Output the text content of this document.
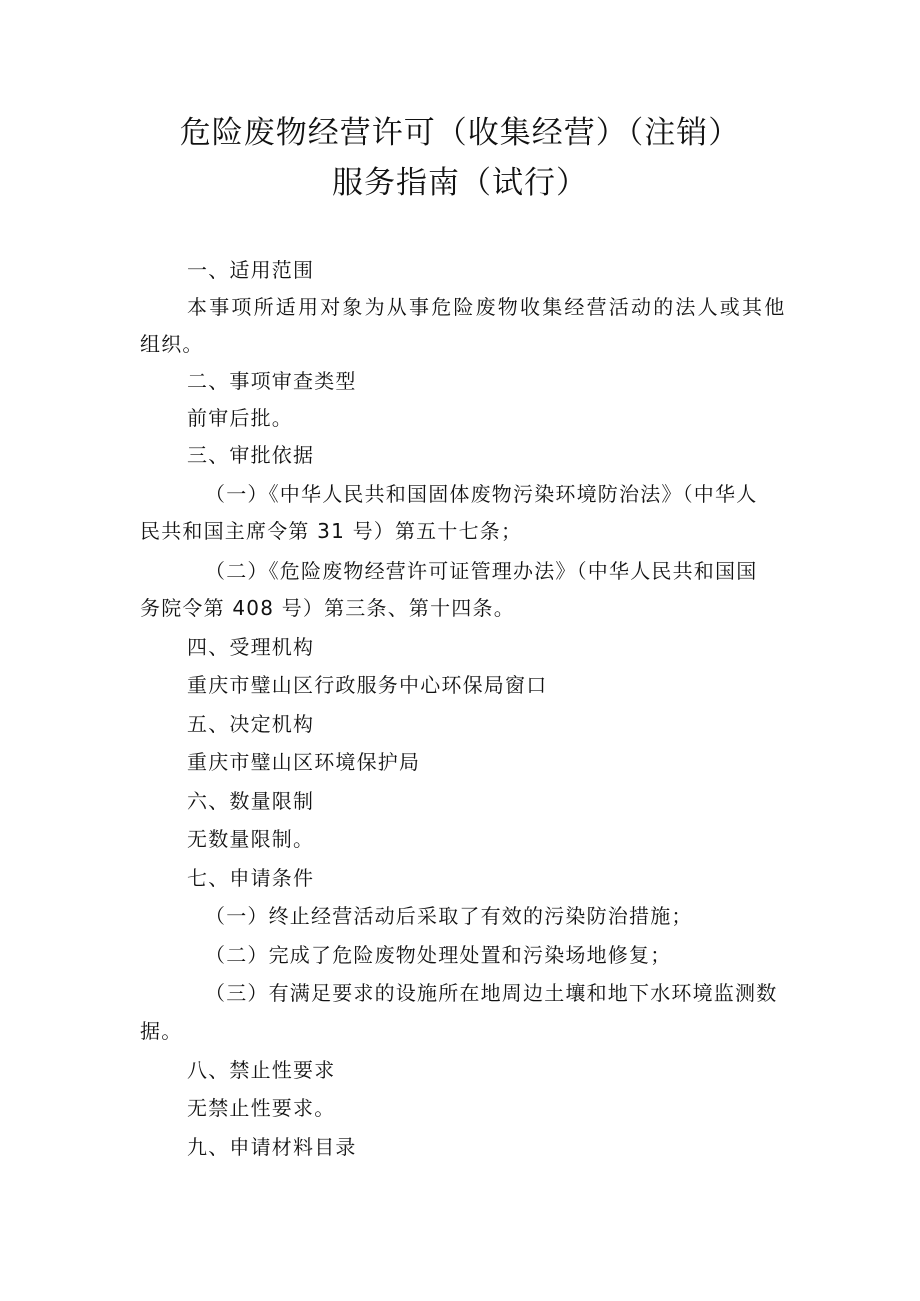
危险废物经营许可（收集经营）（注销）
服务指南（试行）
一、适用范围
本事项所适用对象为从事危险废物收集经营活动的法人或其他
组织。
二、事项审查类型
前审后批。
三、审批依据
（一）《中华人民共和国固体废物污染环境防治法》（中华人
民共和国主席令第 31 号）第五十七条；
（二）《危险废物经营许可证管理办法》（中华人民共和国国
务院令第 408 号）第三条、第十四条。
四、受理机构
重庆市璧山区行政服务中心环保局窗口
五、决定机构
重庆市璧山区环境保护局
六、数量限制
无数量限制。
七、申请条件
（一）终止经营活动后采取了有效的污染防治措施；
（二）完成了危险废物处理处置和污染场地修复；
（三）有满足要求的设施所在地周边土壤和地下水环境监测数
据。
八、禁止性要求
无禁止性要求。
九、申请材料目录
